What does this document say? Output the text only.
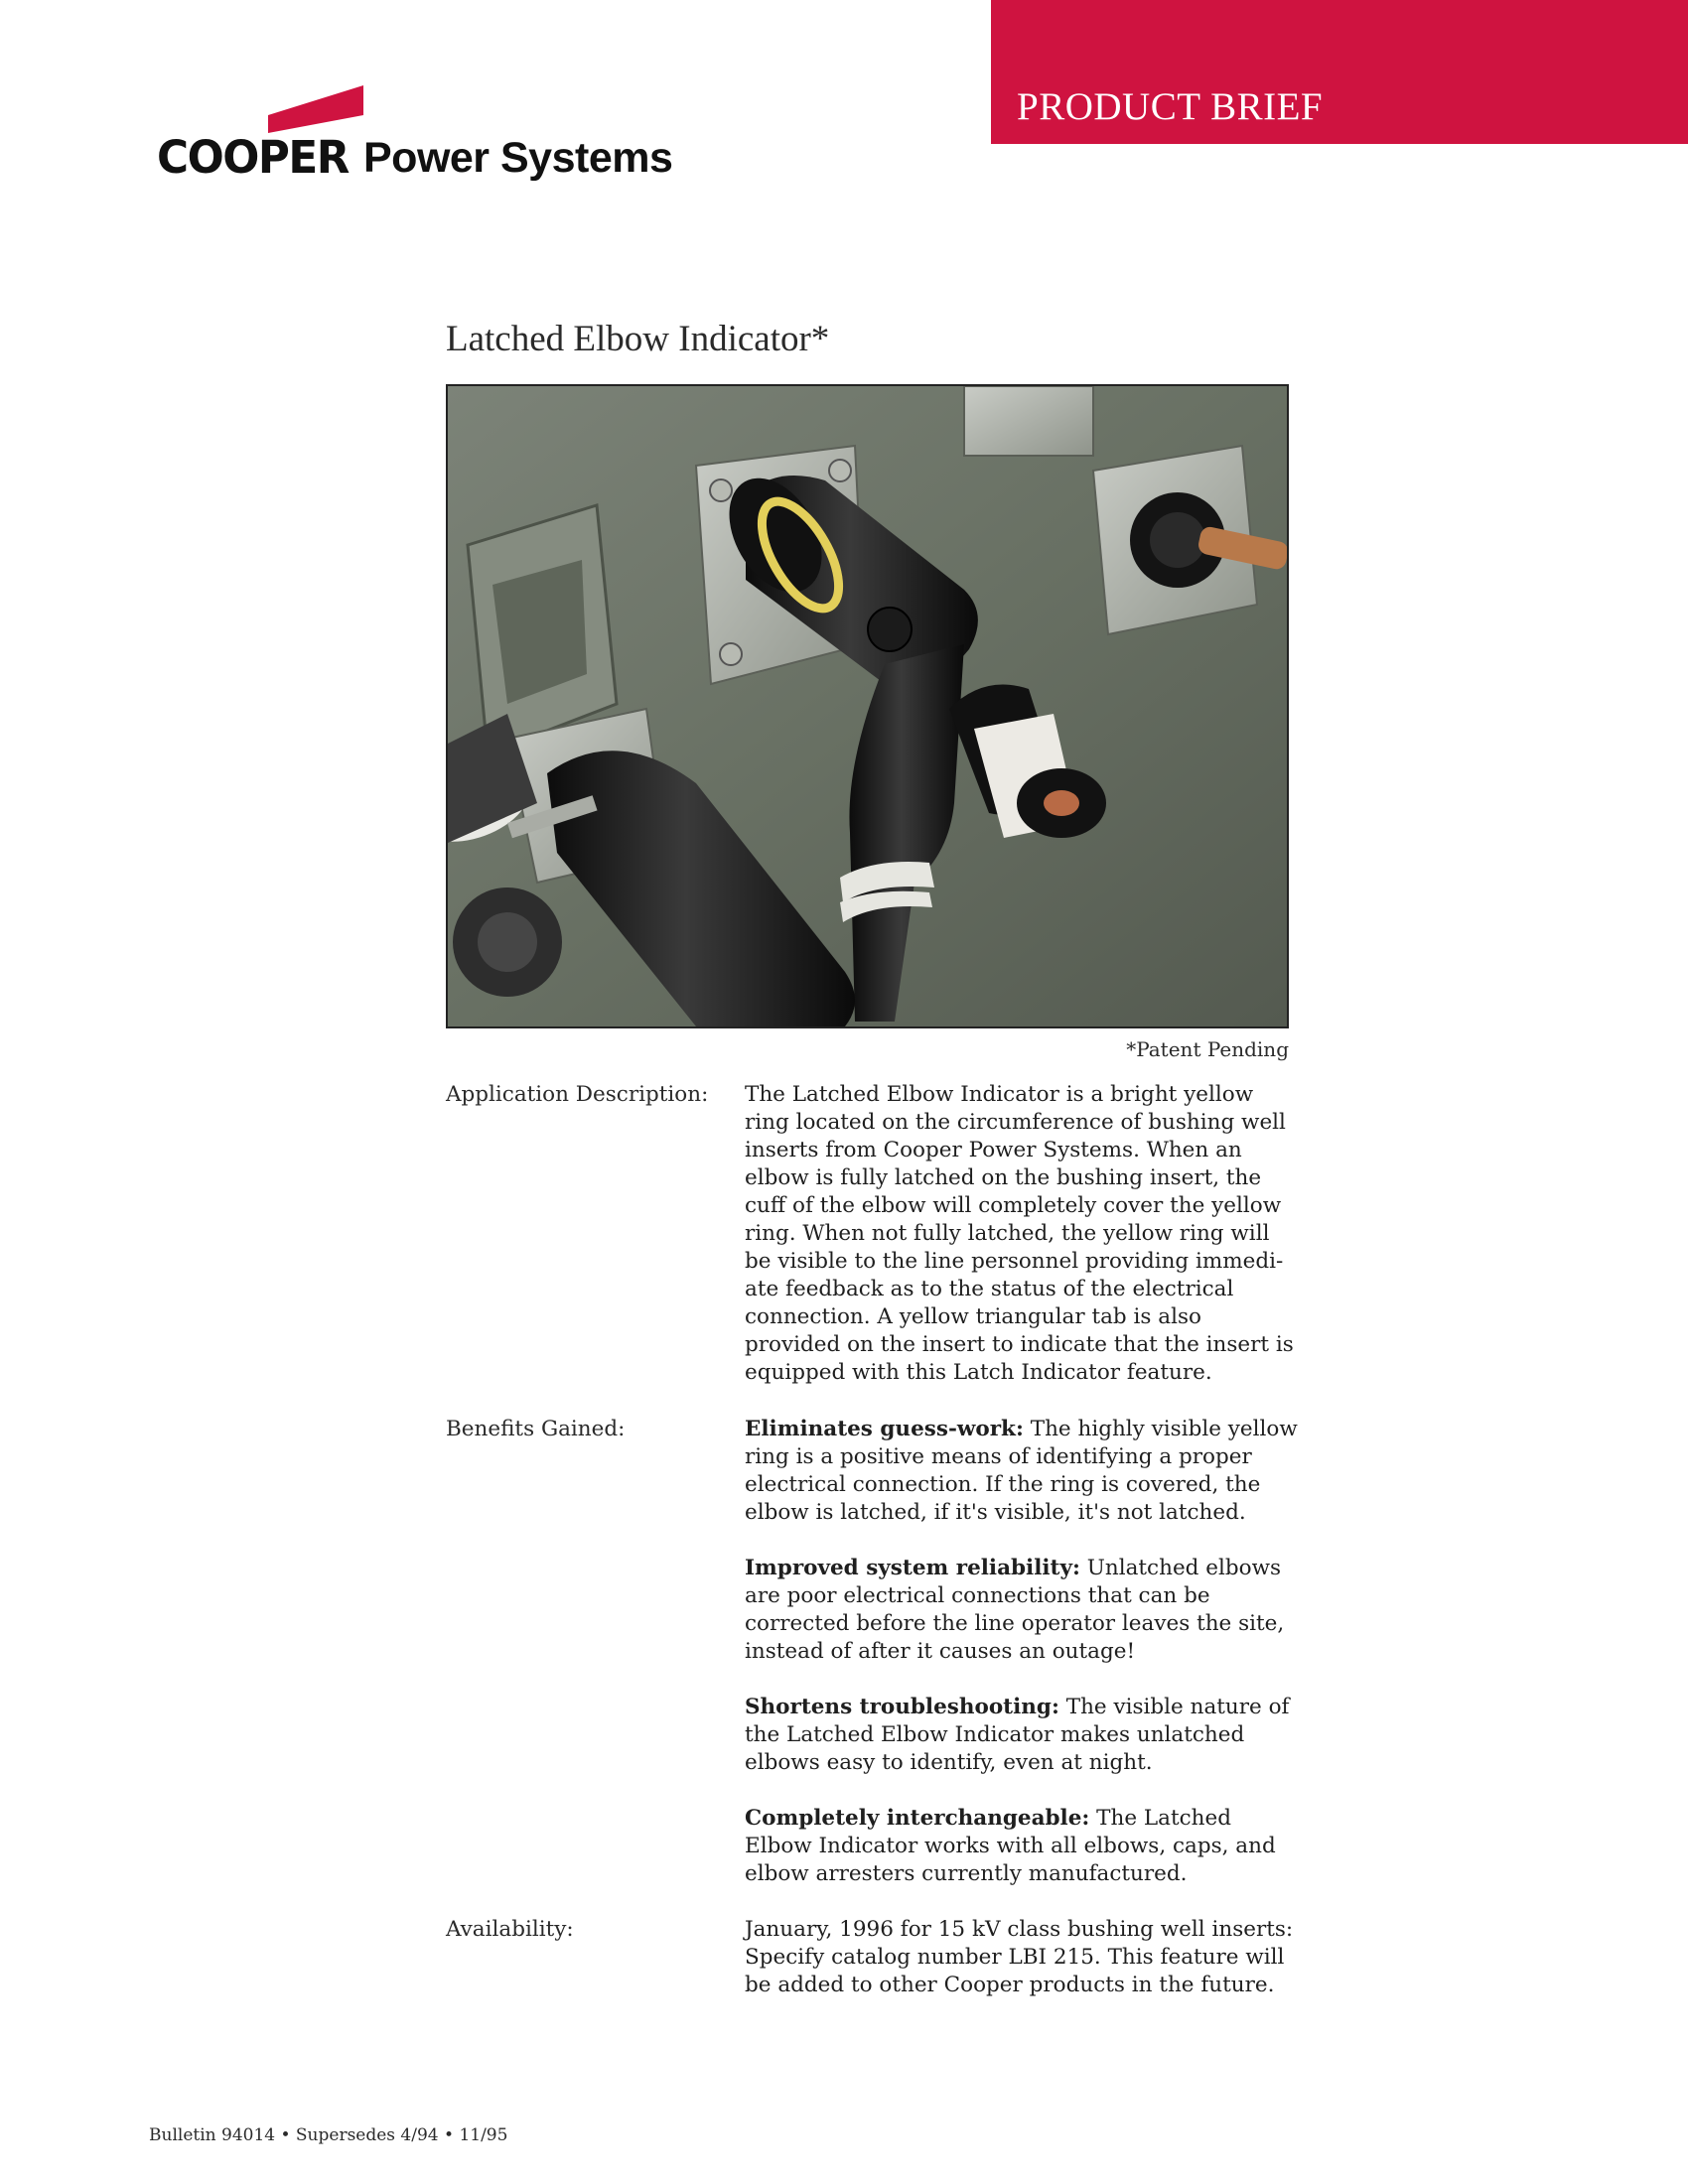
PRODUCT BRIEF
COOPER Power Systems
Latched Elbow Indicator*
*Patent Pending
Application Description: The Latched Elbow Indicator is a bright yellow ring located on the circumference of bushing well inserts from Cooper Power Systems. When an elbow is fully latched on the bushing insert, the cuff of the elbow will completely cover the yellow ring. When not fully latched, the yellow ring will be visible to the line personnel providing immedi-ate feedback as to the status of the electrical connection. A yellow triangular tab is also provided on the insert to indicate that the insert is equipped with this Latch Indicator feature.

Benefits Gained:	Eliminates guess-work: The highly visible yellow ring is a positive means of identifying a proper electrical connection. If the ring is covered, the elbow is latched, if it's visible, it's not latched.

Improved system reliability: Unlatched elbows are poor electrical connections that can be corrected before the line operator leaves the site, instead of after it causes an outage!

Shortens troubleshooting: The visible nature of the Latched Elbow Indicator makes unlatched elbows easy to identify, even at night.

Completely interchangeable: The Latched Elbow Indicator works with all elbows, caps, and elbow arresters currently manufactured.

Availability:	January, 1996 for 15 kV class bushing well inserts: Specify catalog number LBI 215. This feature will be added to other Cooper products in the future.

Bulletin 94014 • Supersedes 4/94 • 11/95
